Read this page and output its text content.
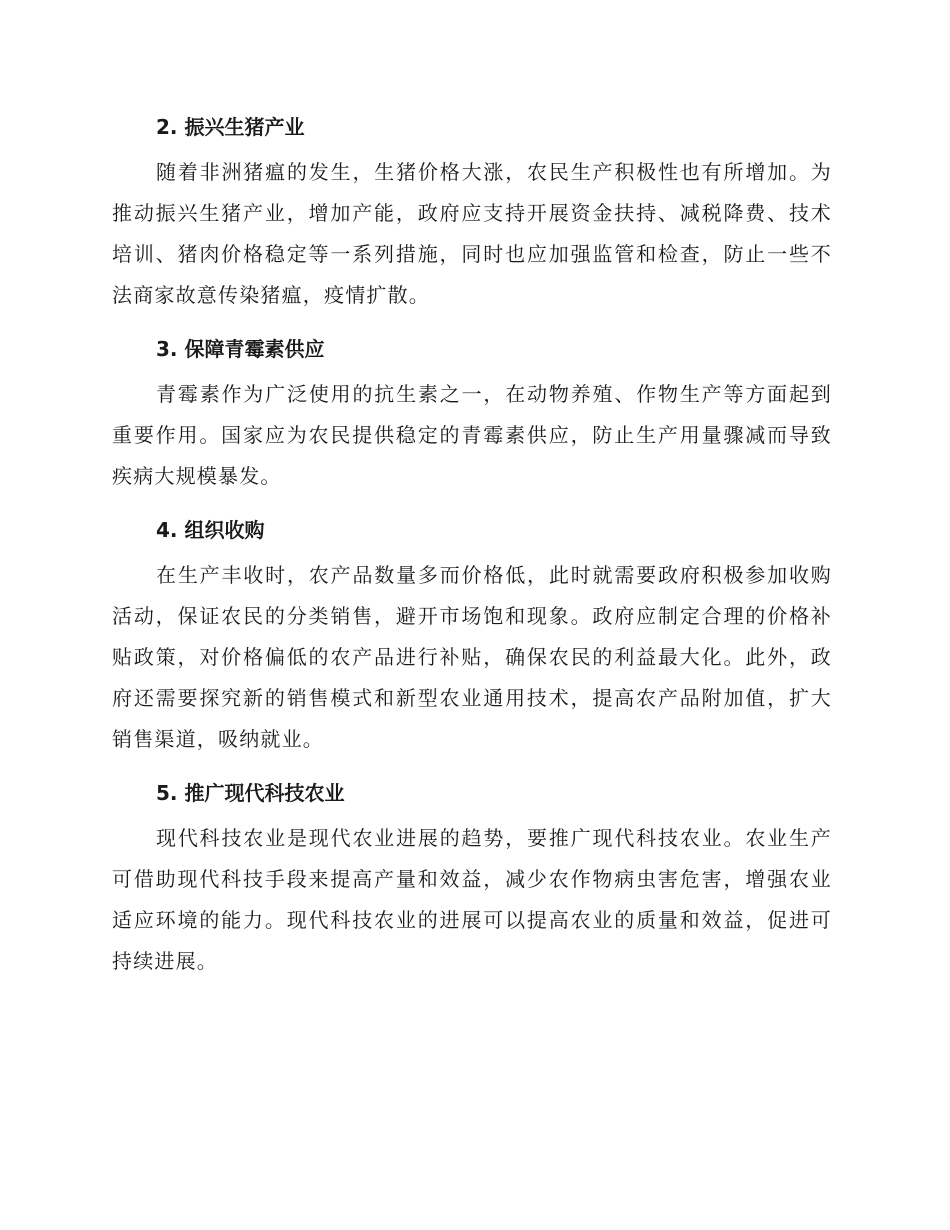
2. 振兴生猪产业

随着非洲猪瘟的发生，生猪价格大涨，农民生产积极性也有所增加。为推动振兴生猪产业，增加产能，政府应支持开展资金扶持、减税降费、技术培训、猪肉价格稳定等一系列措施，同时也应加强监管和检查，防止一些不法商家故意传染猪瘟，疫情扩散。

3. 保障青霉素供应

青霉素作为广泛使用的抗生素之一，在动物养殖、作物生产等方面起到重要作用。国家应为农民提供稳定的青霉素供应，防止生产用量骤减而导致疾病大规模暴发。

4. 组织收购

在生产丰收时，农产品数量多而价格低，此时就需要政府积极参加收购活动，保证农民的分类销售，避开市场饱和现象。政府应制定合理的价格补贴政策，对价格偏低的农产品进行补贴，确保农民的利益最大化。此外，政府还需要探究新的销售模式和新型农业通用技术，提高农产品附加值，扩大销售渠道，吸纳就业。

5. 推广现代科技农业

现代科技农业是现代农业进展的趋势，要推广现代科技农业。农业生产可借助现代科技手段来提高产量和效益，减少农作物病虫害危害，增强农业适应环境的能力。现代科技农业的进展可以提高农业的质量和效益，促进可持续进展。
